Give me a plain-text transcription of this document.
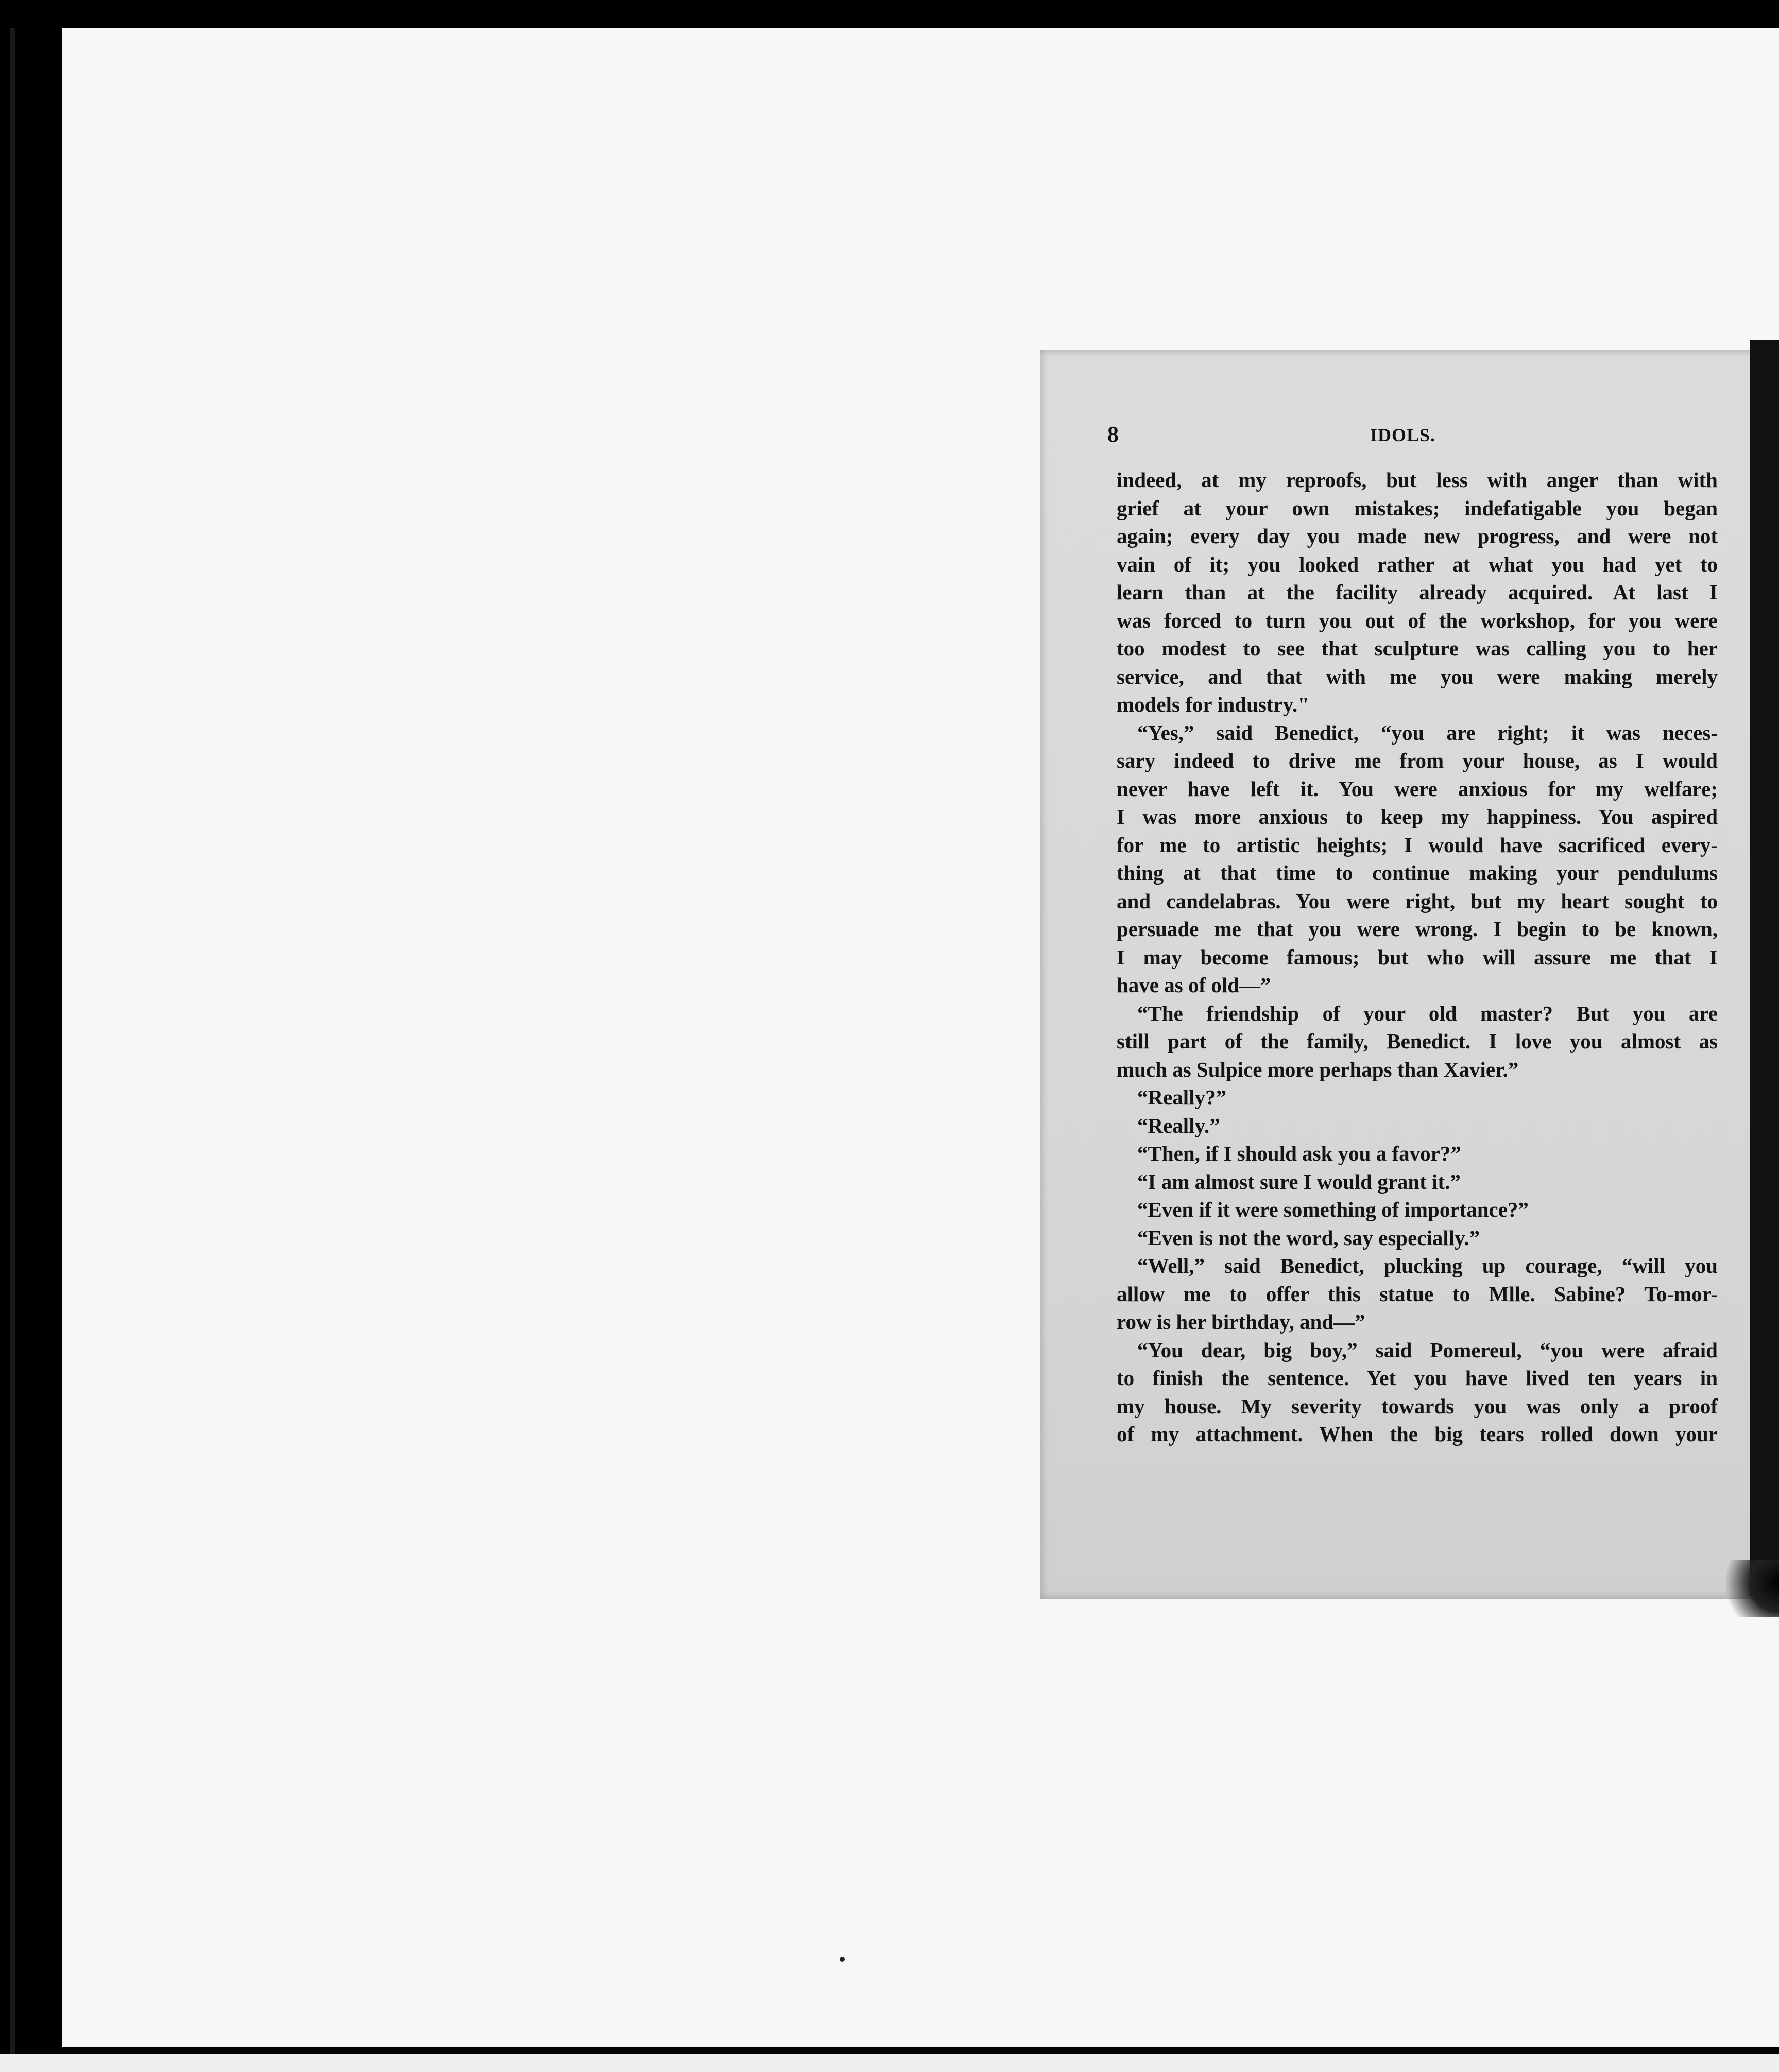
8	IDOLS.
indeed, at my reproofs, but less with anger than with
grief at your own mistakes; indefatigable you began
again; every day you made new progress, and were not
vain of it; you looked rather at what you had yet to
learn than at the facility already acquired. At last I
was forced to turn you out of the workshop, for you were
too modest to see that sculpture was calling you to her
service, and that with me you were making merely
models for industry."
“Yes,” said Benedict, “you are right; it was neces-
sary indeed to drive me from your house, as I would
never have left it. You were anxious for my welfare;
I was more anxious to keep my happiness. You aspired
for me to artistic heights; I would have sacrificed every-
thing at that time to continue making your pendulums
and candelabras. You were right, but my heart sought to
persuade me that you were wrong. I begin to be known,
I may become famous; but who will assure me that I
have as of old—”
“The friendship of your old master? But you are
still part of the family, Benedict. I love you almost as
much as Sulpice more perhaps than Xavier.”
“Really?”
“Really.”
“Then, if I should ask you a favor?”
“I am almost sure I would grant it.”
“Even if it were something of importance?”
“Even is not the word, say especially.”
“Well,” said Benedict, plucking up courage, “will you
allow me to offer this statue to Mlle. Sabine? To-mor-
row is her birthday, and—”
“You dear, big boy,” said Pomereul, “you were afraid
to finish the sentence. Yet you have lived ten years in
my house. My severity towards you was only a proof
of my attachment. When the big tears rolled down your
